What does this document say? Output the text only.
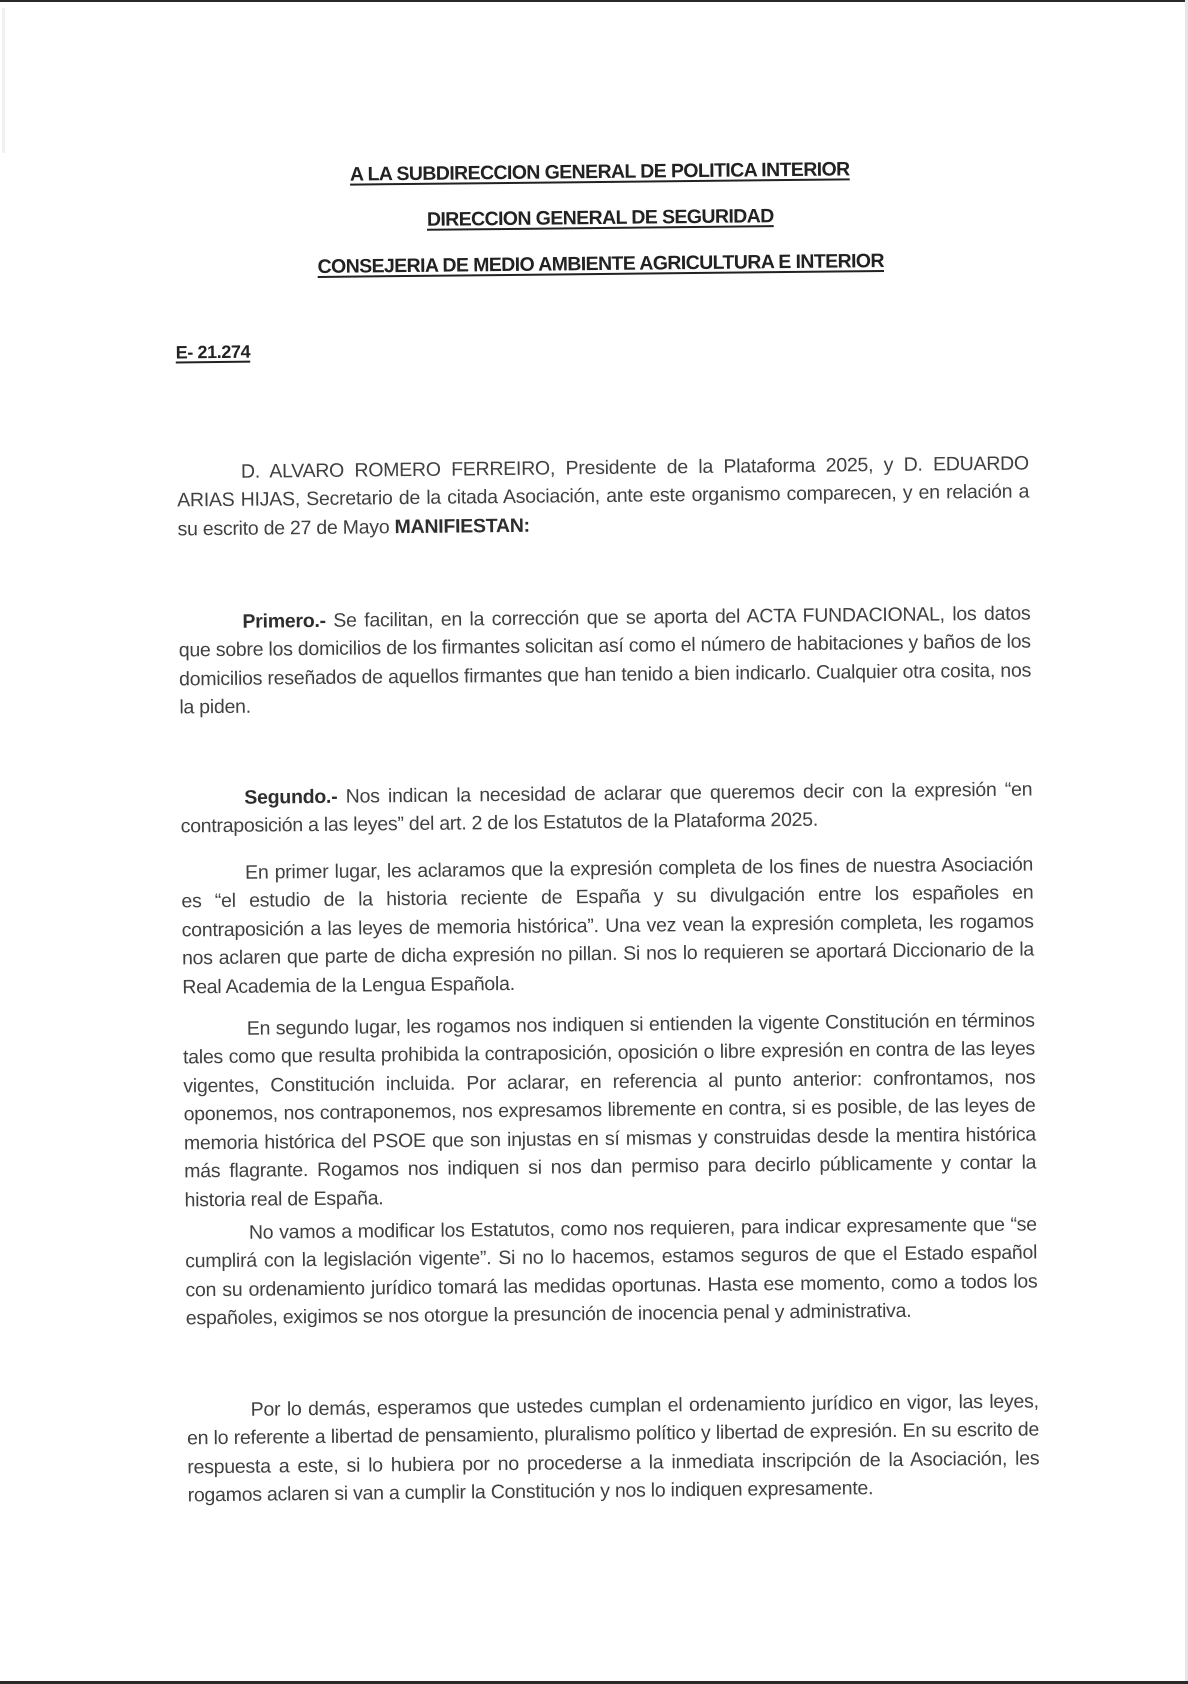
A LA SUBDIRECCION GENERAL DE POLITICA INTERIOR
DIRECCION GENERAL DE SEGURIDAD
CONSEJERIA DE MEDIO AMBIENTE AGRICULTURA E INTERIOR
E- 21.274

D. ALVARO ROMERO FERREIRO, Presidente de la Plataforma 2025, y D. EDUARDO ARIAS HIJAS, Secretario de la citada Asociación, ante este organismo comparecen, y en relación a su escrito de 27 de Mayo MANIFIESTAN:

Primero.- Se facilitan, en la corrección que se aporta del ACTA FUNDACIONAL, los datos que sobre los domicilios de los firmantes solicitan así como el número de habitaciones y baños de los domicilios reseñados de aquellos firmantes que han tenido a bien indicarlo. Cualquier otra cosita, nos la piden.

Segundo.- Nos indican la necesidad de aclarar que queremos decir con la expresión “en contraposición a las leyes” del art. 2 de los Estatutos de la Plataforma 2025.

En primer lugar, les aclaramos que la expresión completa de los fines de nuestra Asociación es “el estudio de la historia reciente de España y su divulgación entre los españoles en contraposición a las leyes de memoria histórica”. Una vez vean la expresión completa, les rogamos nos aclaren que parte de dicha expresión no pillan. Si nos lo requieren se aportará Diccionario de la Real Academia de la Lengua Española.

En segundo lugar, les rogamos nos indiquen si entienden la vigente Constitución en términos tales como que resulta prohibida la contraposición, oposición o libre expresión en contra de las leyes vigentes, Constitución incluida. Por aclarar, en referencia al punto anterior: confrontamos, nos oponemos, nos contraponemos, nos expresamos libremente en contra, si es posible, de las leyes de memoria histórica del PSOE que son injustas en sí mismas y construidas desde la mentira histórica más flagrante. Rogamos nos indiquen si nos dan permiso para decirlo públicamente y contar la historia real de España.

No vamos a modificar los Estatutos, como nos requieren, para indicar expresamente que “se cumplirá con la legislación vigente”. Si no lo hacemos, estamos seguros de que el Estado español con su ordenamiento jurídico tomará las medidas oportunas. Hasta ese momento, como a todos los españoles, exigimos se nos otorgue la presunción de inocencia penal y administrativa.

Por lo demás, esperamos que ustedes cumplan el ordenamiento jurídico en vigor, las leyes, en lo referente a libertad de pensamiento, pluralismo político y libertad de expresión. En su escrito de respuesta a este, si lo hubiera por no procederse a la inmediata inscripción de la Asociación, les rogamos aclaren si van a cumplir la Constitución y nos lo indiquen expresamente.
